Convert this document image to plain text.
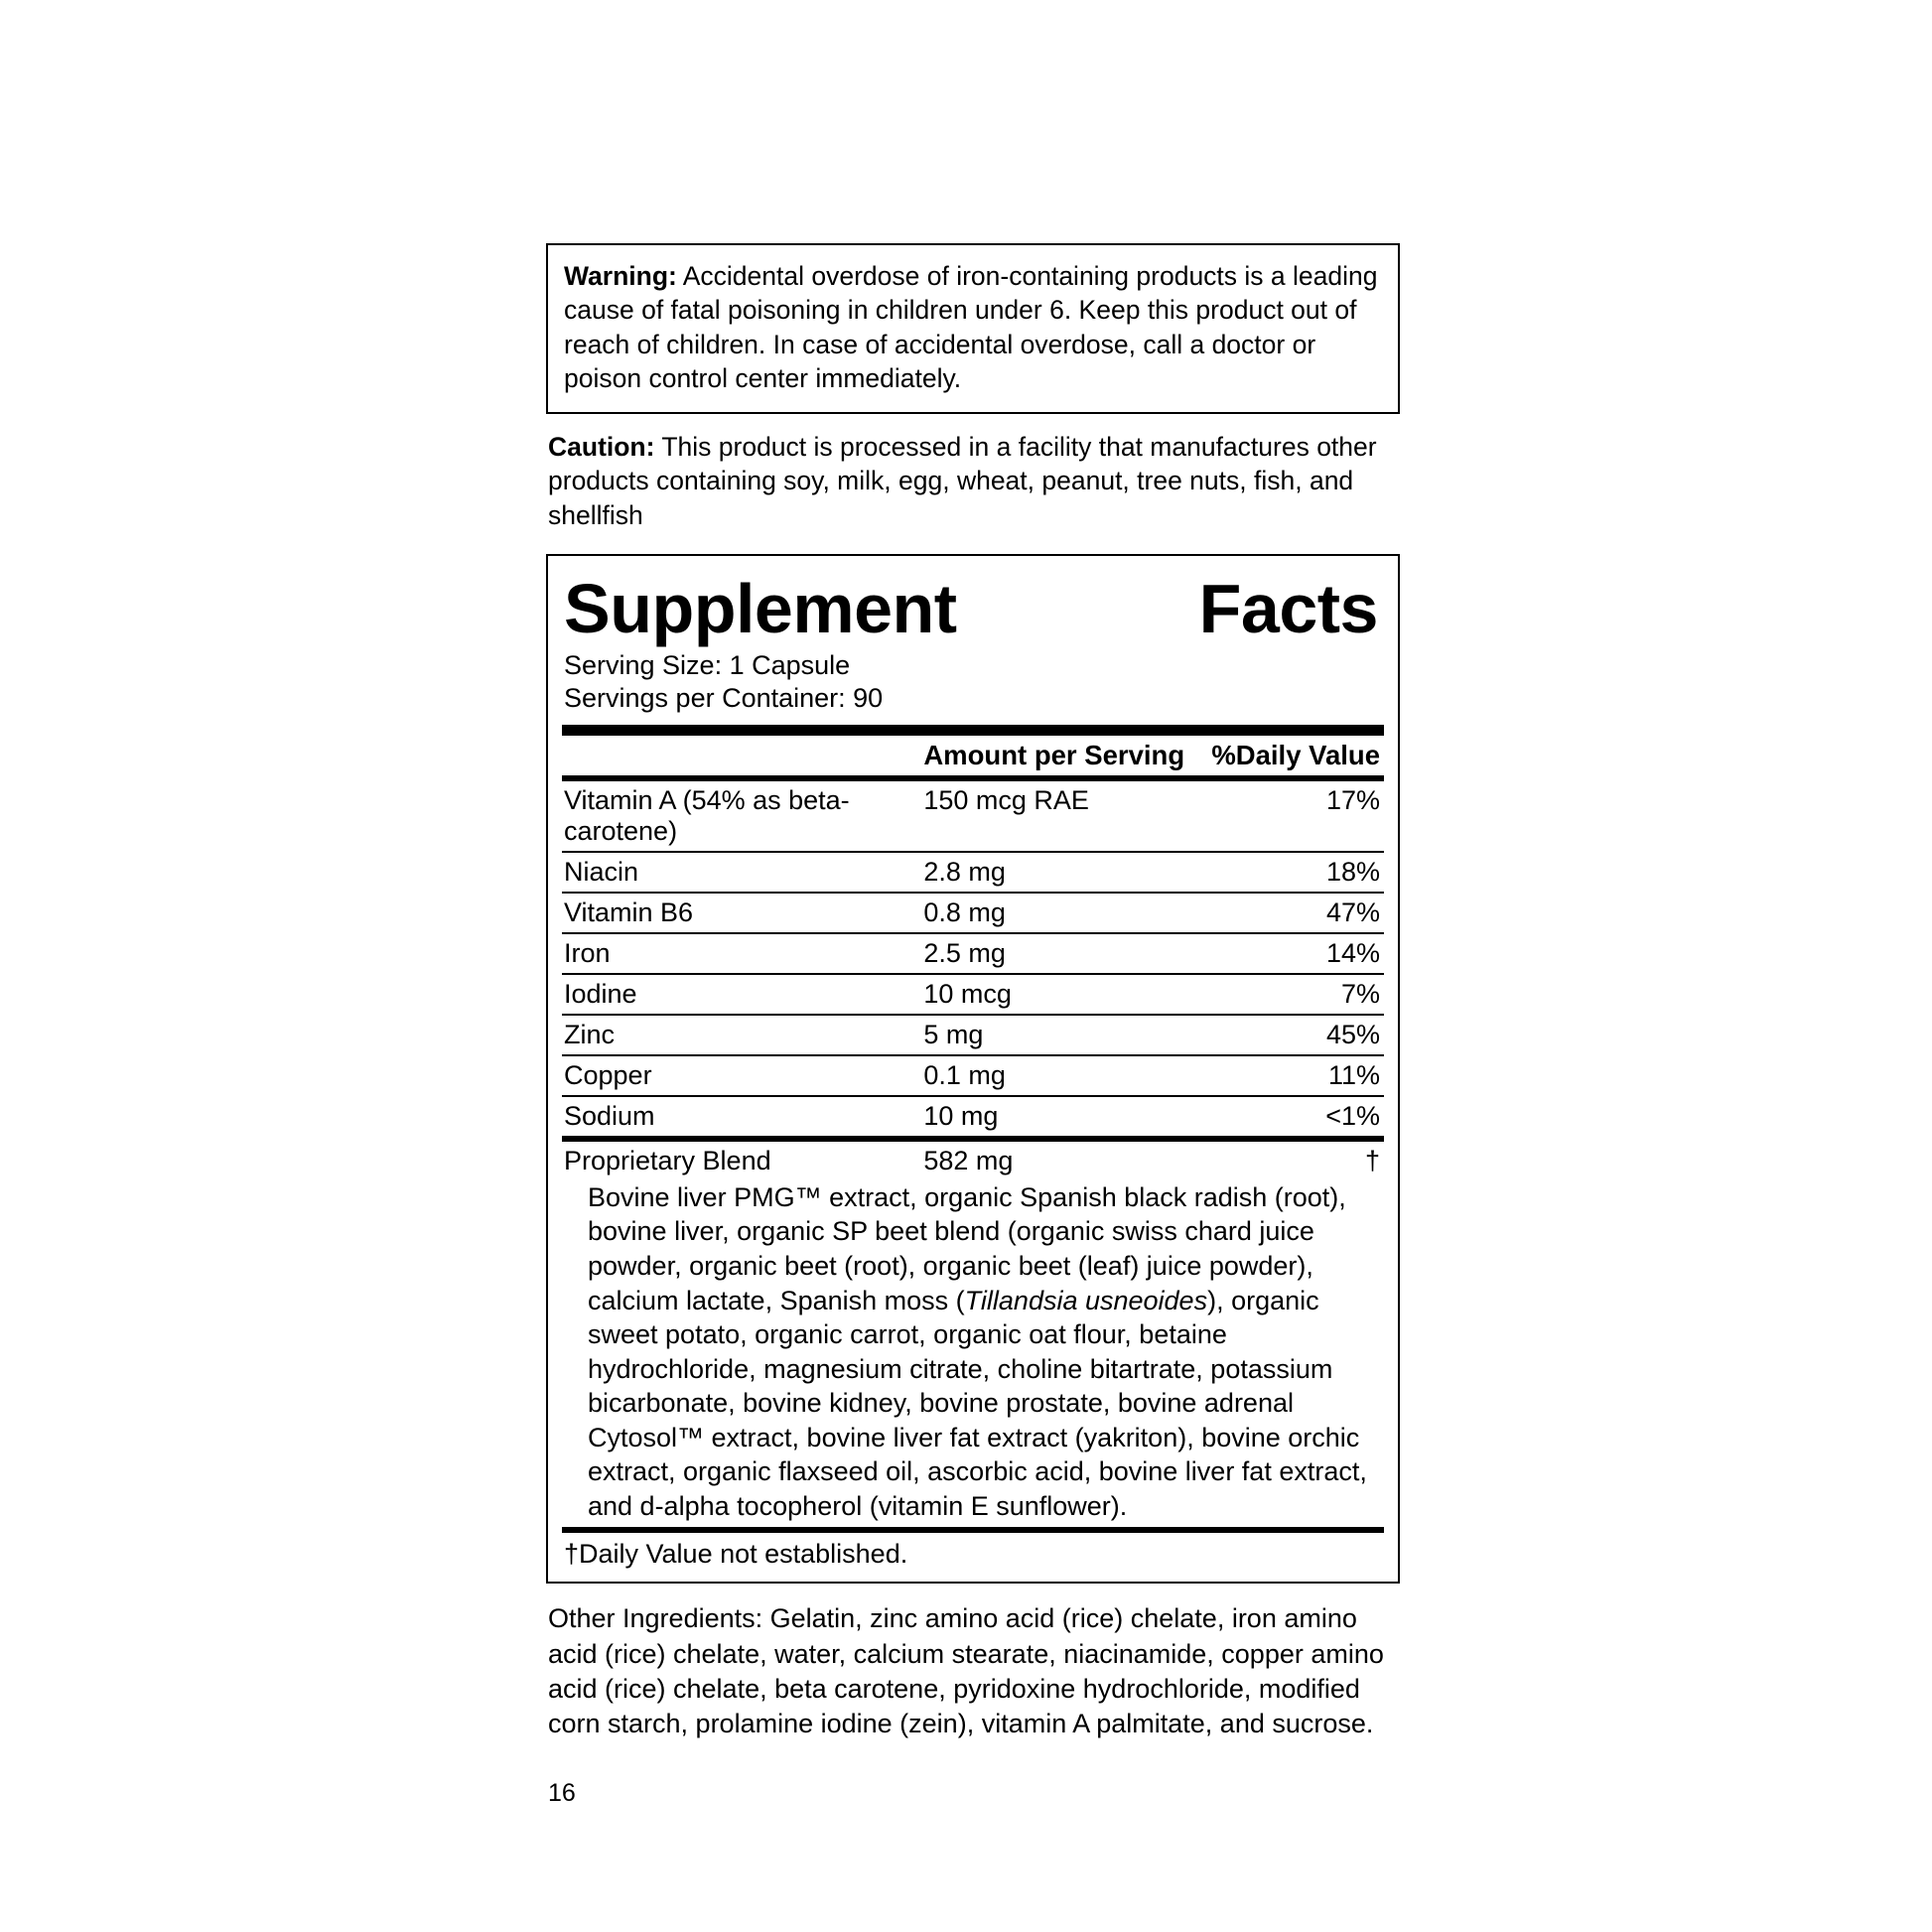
Warning: Accidental overdose of iron-containing products is a leading cause of fatal poisoning in children under 6. Keep this product out of reach of children. In case of accidental overdose, call a doctor or poison control center immediately.

Caution: This product is processed in a facility that manufactures other products containing soy, milk, egg, wheat, peanut, tree nuts, fish, and shellfish

Supplement	Facts
Serving Size: 1 Capsule
Servings per Container: 90
	Amount per Serving	%Daily Value
Vitamin A (54% as beta-carotene)	150 mcg RAE	17%
Niacin	2.8 mg	18%
Vitamin B6	0.8 mg	47%
Iron	2.5 mg	14%
Iodine	10 mcg	7%
Zinc	5 mg	45%
Copper	0.1 mg	11%
Sodium	10 mg	<1%
Proprietary Blend	582 mg	†
Bovine liver PMG™ extract, organic Spanish black radish (root), bovine liver, organic SP beet blend (organic swiss chard juice powder, organic beet (root), organic beet (leaf) juice powder), calcium lactate, Spanish moss (Tillandsia usneoides), organic sweet potato, organic carrot, organic oat flour, betaine hydrochloride, magnesium citrate, choline bitartrate, potassium bicarbonate, bovine kidney, bovine prostate, bovine adrenal Cytosol™ extract, bovine liver fat extract (yakriton), bovine orchic extract, organic flaxseed oil, ascorbic acid, bovine liver fat extract, and d-alpha tocopherol (vitamin E sunflower).
†Daily Value not established.

Other Ingredients: Gelatin, zinc amino acid (rice) chelate, iron amino acid (rice) chelate, water, calcium stearate, niacinamide, copper amino acid (rice) chelate, beta carotene, pyridoxine hydrochloride, modified corn starch, prolamine iodine (zein), vitamin A palmitate, and sucrose.

16
